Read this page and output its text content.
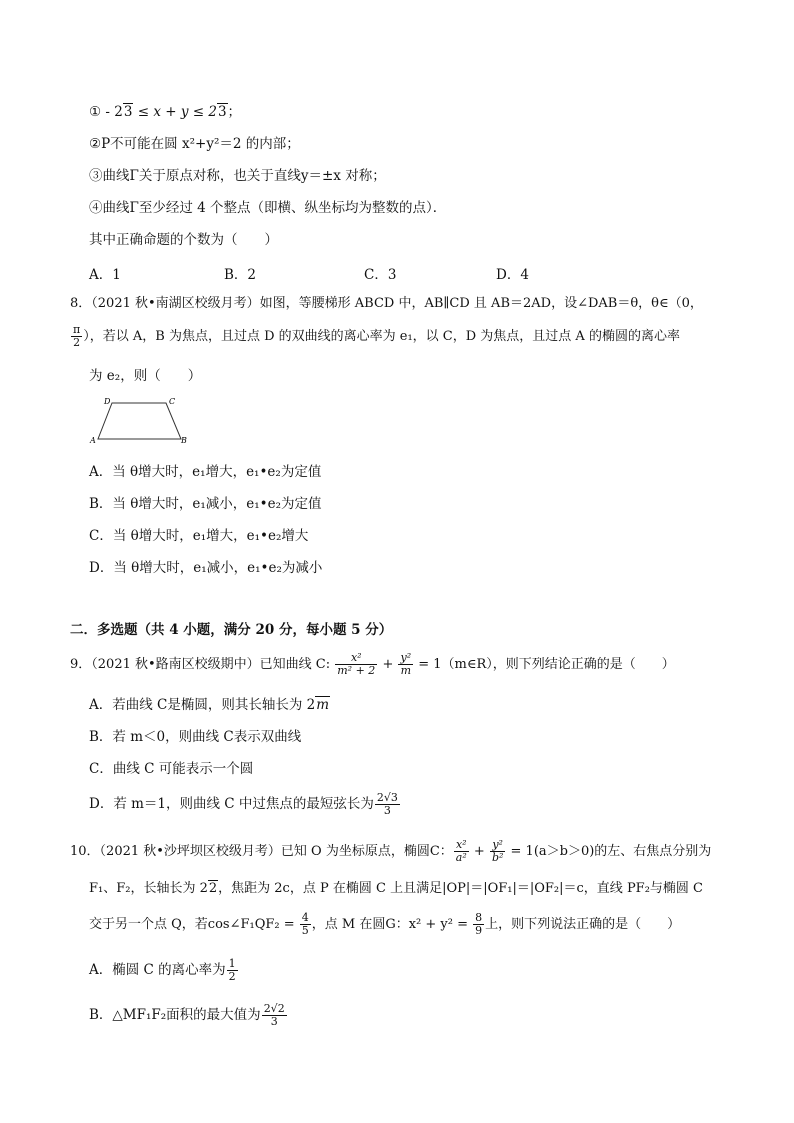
① - 23 ≤ x + y ≤ 23；
②P不可能在圆 x²+y²＝2 的内部；
③曲线Γ关于原点对称，也关于直线y＝±x 对称；
④曲线Γ至少经过 4 个整点（即横、纵坐标均为整数的点）．
其中正确命题的个数为（　　）
A．1	B．2	C．3	D．4
8．（2021 秋•南湖区校级月考）如图，等腰梯形 ABCD 中，AB∥CD 且 AB＝2AD，设∠DAB＝θ，θ∈（0，
$\frac{\pi}{2}$ ），若以 A，B 为焦点，且过点 D 的双曲线的离心率为 e₁，以 C，D 为焦点，且过点 A 的椭圆的离心率
为 e₂，则（　　）
D	C
A	B
A．当 θ增大时，e₁增大，e₁•e₂为定值
B．当 θ增大时，e₁减小，e₁•e₂为定值
C．当 θ增大时，e₁增大，e₁•e₂增大
D．当 θ增大时，e₁减小，e₁•e₂为减小
二．多选题（共 4 小题，满分 20 分，每小题 5 分）
9．（2021 秋•路南区校级期中）已知曲线 C: $\frac{\text{x²}}{\text{m² + 2}} + \frac{\text{y²}}{m}$ = 1（m∈R），则下列结论正确的是（　　）
A．若曲线 C是椭圆，则其长轴长为 2m
B．若 m＜0，则曲线 C表示双曲线
C．曲线 C 可能表示一个圆
D．若 m＝1，则曲线 C 中过焦点的最短弦长为 $\frac{2√3}{3}$
10．（2021 秋•沙坪坝区校级月考）已知 O 为坐标原点，椭圆C： $\frac{\text{x²}}{\text{a²}} + \frac{\text{y²}}{\text{b²}} = 1(a>b>0)$的左、右焦点分别为
F₁、F₂，长轴长为 22，焦距为 2c，点 P 在椭圆 C 上且满足|OP|＝|OF₁|＝|OF₂|＝c，直线 PF₂与椭圆 C
交于另一个点 Q，若cos∠F₁QF₂ = $\frac{4}{5}$ ，点 M 在圆G：$x^2 + y^2 = \frac{8}{9}$ 上，则下列说法正确的是（　　）
A．椭圆 C 的离心率为 $\frac{1}{2}$
B．△MF₁F₂面积的最大值为 $\frac{2√2}{3}$
